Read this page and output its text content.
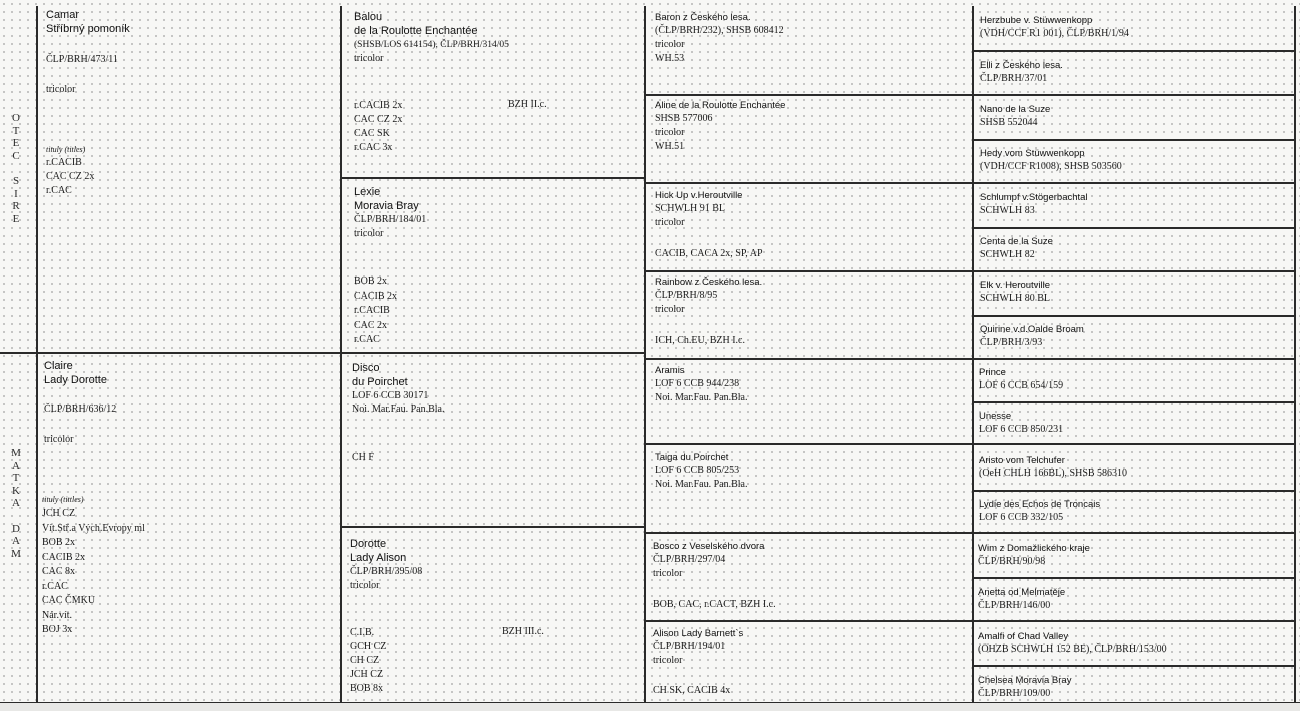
O
T
E
C

S
I
R
E
M
A
T
K
A

D
A
M
Camar
Stříbrný pomoník
ČLP/BRH/473/11
tricolor
tituly (titles)
r.CACIB
CAC CZ 2x
r.CAC
Claire
Lady Dorotte
ČLP/BRH/636/12
tricolor
tituly (tittles)
JCH CZ
Vít.Stř.a Vých.Evropy ml
BOB 2x
CACIB 2x
CAC 8x
r.CAC
CAC ČMKU
Nár.vít.
BOJ 3x
Balou
de la Roulotte Enchantée
(SHSB/LOS 614154), ČLP/BRH/314/05
tricolor
r.CACIB 2x
CAC CZ 2x
CAC SK
r.CAC 3x
BZH II.c.
Lexie
Moravia Bray
ČLP/BRH/184/01
tricolor
BOB 2x
CACIB 2x
r.CACIB
CAC 2x
r.CAC
Disco
du Poirchet
LOF 6 CCB 30171
Noi. Mar.Fau. Pan.Bla.
CH F
Dorotte
Lady Alison
ČLP/BRH/395/08
tricolor
C.I.B.
GCH CZ
CH CZ
JCH CZ
BOB 8x
BZH III.c.
Baron z Českého lesa.
(ČLP/BRH/232), SHSB 608412
tricolor
WH.53
Aline de la Roulotte Enchantée
SHSB 577006
tricolor
WH.51
Hick Up v.Heroutville
SCHWLH 91 BL
tricolor
CACIB, CACA 2x, SP, AP
Rainbow z Českého lesa.
ČLP/BRH/8/95
tricolor
ICH, Ch.EU, BZH I.c.
Aramis
LOF 6 CCB 944/238
Noi. Mar.Fau. Pan.Bla.
Taiga du Poirchet
LOF 6 CCB 805/253
Noi. Mar.Fau. Pan.Bla.
Bosco z Veselského dvora
ČLP/BRH/297/04
tricolor
BOB, CAC, r.CACT, BZH I.c.
Alison Lady Barnett`s
ČLP/BRH/194/01
tricolor
CH SK, CACIB 4x
Herzbube v. Stüwwenkopp
(VDH/CCF R1 001), ČLP/BRH/1/94
Elli z Českého lesa.
ČLP/BRH/37/01
Nano de la Suze
SHSB 552044
Hedy vom Stüwwenkopp
(VDH/CCF R1008), SHSB 503560
Schlumpf v.Stögerbachtal
SCHWLH 83
Centa de la Suze
SCHWLH 82
Elk v. Heroutville
SCHWLH 80 BL
Quirine v.d.Oalde Broam
ČLP/BRH/3/93
Prince
LOF 6 CCB 654/159
Unesse
LOF 6 CCB 850/231
Aristo vom Telchufer
(OeH CHLH 166BL), SHSB 586310
Lydie des Echos de Troncais
LOF 6 CCB 332/105
Wim z Domažlického kraje
ČLP/BRH/90/98
Anetta od Melmatěje
ČLP/BRH/146/00
Amalfi of Chad Valley
(ÖHZB SCHWLH 152 BE), ČLP/BRH/153/00
Chelsea Moravia Bray
ČLP/BRH/109/00
